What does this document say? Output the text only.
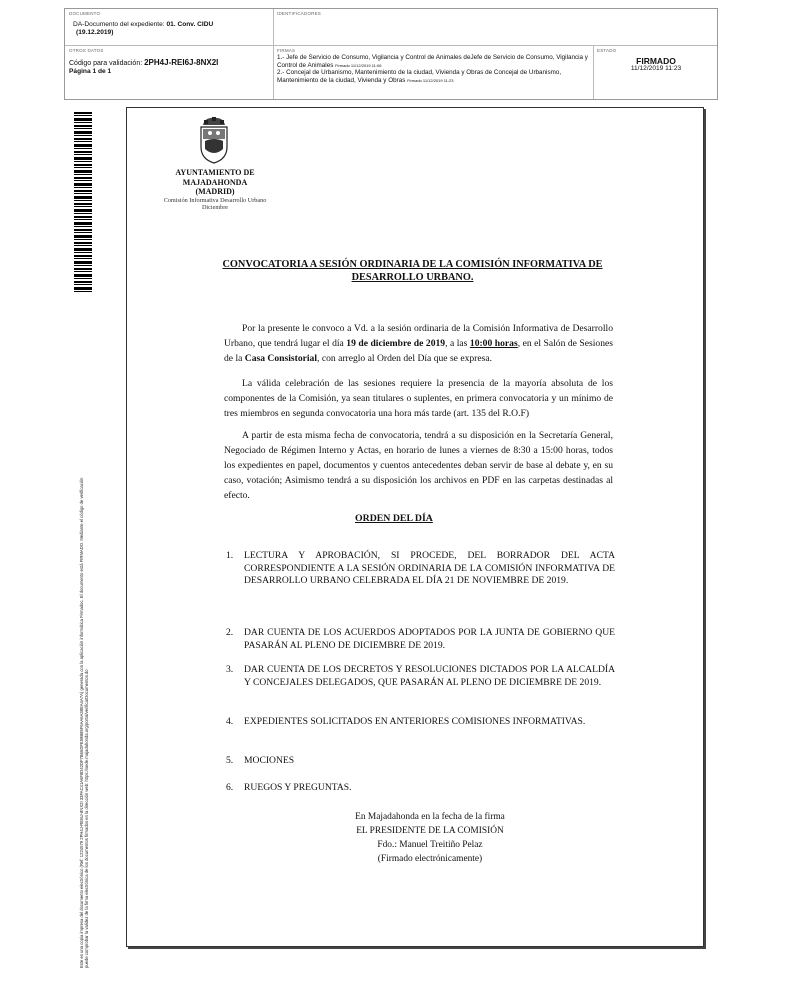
DOCUMENTO
DA-Documento del expediente: 01. Conv. CIDU
(19.12.2019)
IDENTIFICADORES
OTROS DATOS
Código para validación: 2PH4J-REI6J-8NX2I
Página 1 de 1
FIRMAS
1.- Jefe de Servicio de Consumo, Vigilancia y Control de Animales deJefe de Servicio de Consumo, Vigilancia y Control de Animales Firmado 11/12/2019 11:06
2.- Concejal de Urbanismo, Mantenimiento de la ciudad, Vivienda y Obras de Concejal de Urbanismo, Mantenimiento de la ciudad, Vivienda y Obras Firmado 11/12/2019 11:23
ESTADO
FIRMADO
11/12/2019 11:23
Este es una copia impresa del documento electrónico (Ref: 1224579 2PH4J-REI6J-8NX2I 33FAC41A6F8D42DF7B66DFE59B85F6AA6A38EA4A7A) generada con la aplicación informática Firmadoc. El documento está FIRMADO. Mediante el código de verificación puede comprobar la validez de la firma electrónica de los documentos firmados en la dirección web: https://sede.majadahonda.org/portal/verificarDocumentos.do
AYUNTAMIENTO DE
MAJADAHONDA
(MADRID)
Comisión Informativa Desarrollo Urbano
Diciembre
CONVOCATORIA A SESIÓN ORDINARIA DE LA COMISIÓN INFORMATIVA DE
DESARROLLO URBANO.
Por la presente le convoco a Vd. a la sesión ordinaria de la Comisión Informativa de Desarrollo Urbano, que tendrá lugar el día 19 de diciembre de 2019, a las 10:00 horas, en el Salón de Sesiones de la Casa Consistorial, con arreglo al Orden del Día que se expresa.
La válida celebración de las sesiones requiere la presencia de la mayoría absoluta de los componentes de la Comisión, ya sean titulares o suplentes, en primera convocatoria y un mínimo de tres miembros en segunda convocatoria una hora más tarde (art. 135 del R.O.F)
A partir de esta misma fecha de convocatoria, tendrá a su disposición en la Secretaría General, Negociado de Régimen Interno y Actas, en horario de lunes a viernes de 8:30 a 15:00 horas, todos los expedientes en papel, documentos y cuentos antecedentes deban servir de base al debate y, en su caso, votación; Asimismo tendrá a su disposición los archivos en PDF en las carpetas destinadas al efecto.
ORDEN DEL DÍA
1.	LECTURA Y APROBACIÓN, SI PROCEDE, DEL BORRADOR DEL ACTA CORRESPONDIENTE A LA SESIÓN ORDINARIA DE LA COMISIÓN INFORMATIVA DE DESARROLLO URBANO CELEBRADA EL DÍA 21 DE NOVIEMBRE DE 2019.
2.	DAR CUENTA DE LOS ACUERDOS ADOPTADOS POR LA JUNTA DE GOBIERNO QUE PASARÁN AL PLENO DE DICIEMBRE DE 2019.
3.	DAR CUENTA DE LOS DECRETOS Y RESOLUCIONES DICTADOS POR LA ALCALDÍA Y CONCEJALES DELEGADOS, QUE PASARÁN AL PLENO DE DICIEMBRE DE 2019.
4.	EXPEDIENTES SOLICITADOS EN ANTERIORES COMISIONES INFORMATIVAS.
5.	MOCIONES
6.	RUEGOS Y PREGUNTAS.
En Majadahonda en la fecha de la firma
EL PRESIDENTE DE LA COMISIÓN
Fdo.: Manuel Treitiño Pelaz
(Firmado electrónicamente)
